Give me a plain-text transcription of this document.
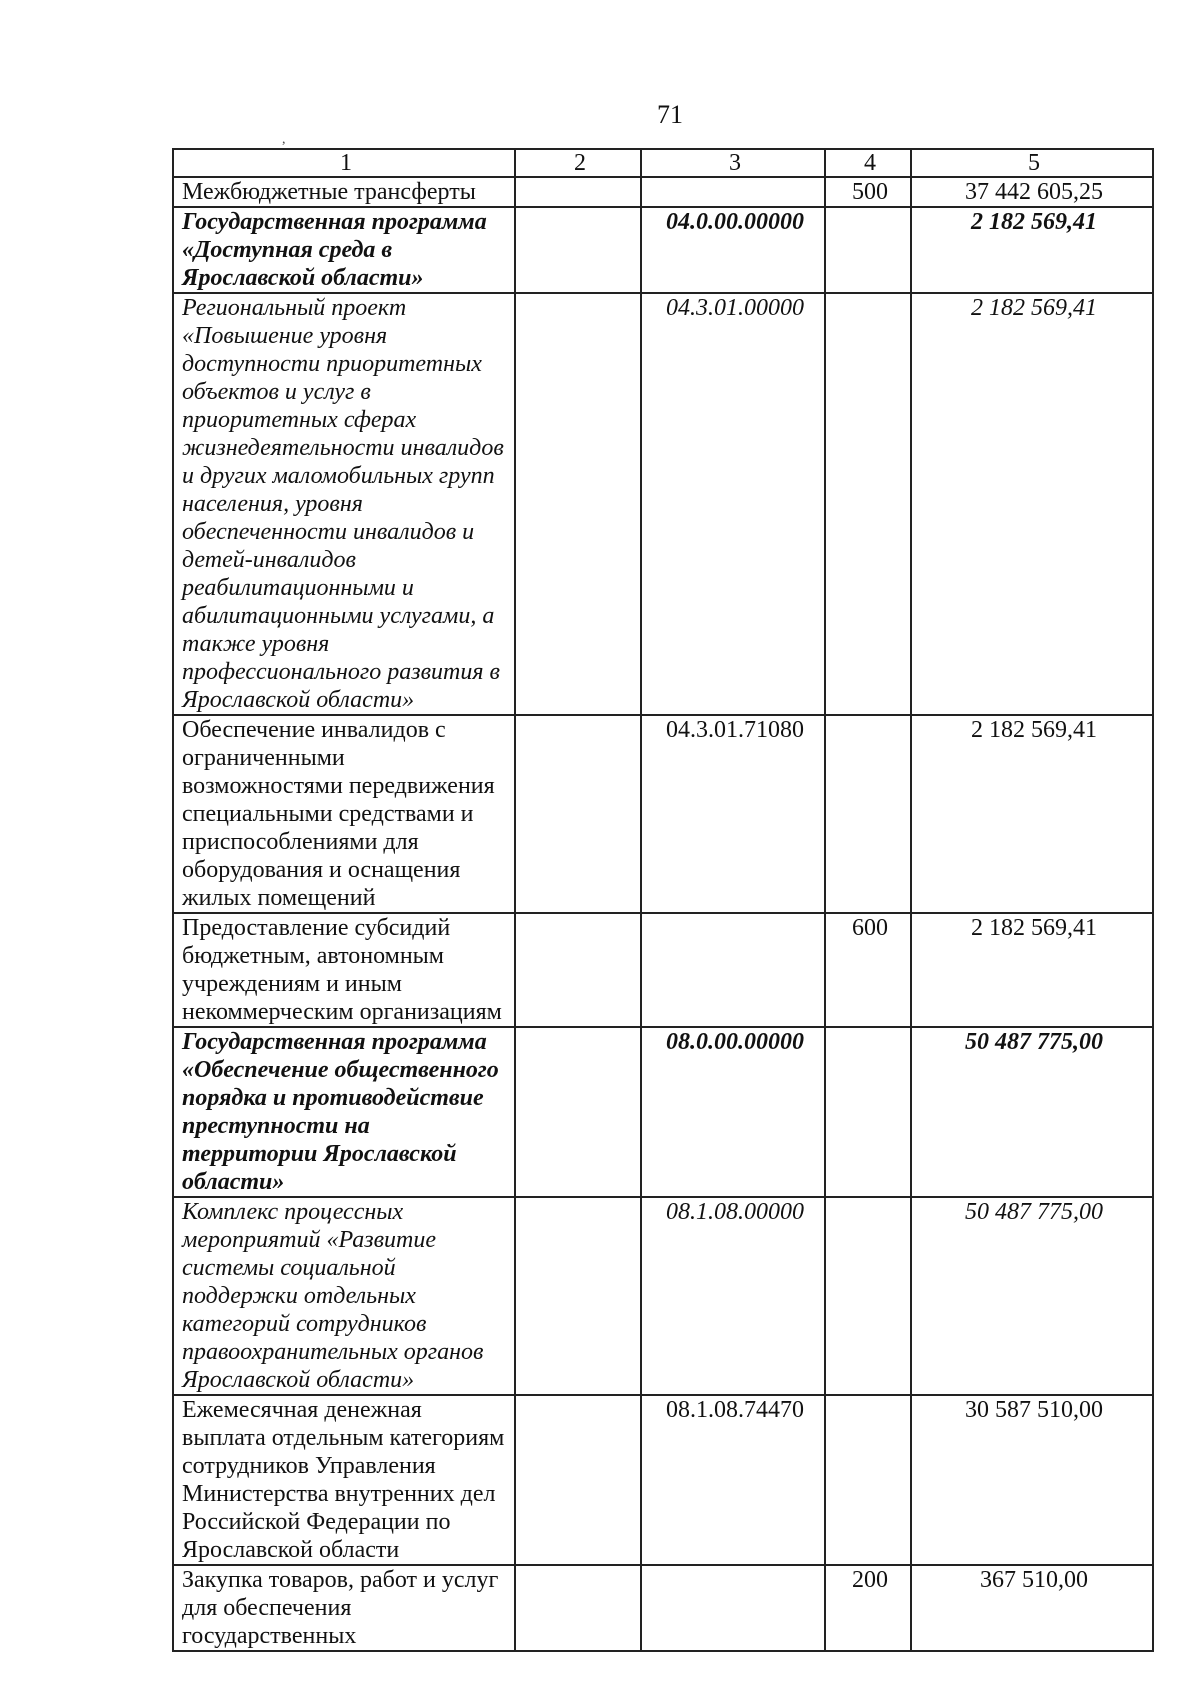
71
,
1	2	3	4	5
Межбюджетные трансферты			500	37 442 605,25
Государственная программа «Доступная среда в Ярославской области»		04.0.00.00000		2 182 569,41
Региональный проект «Повышение уровня доступности приоритетных объектов и услуг в приоритетных сферах жизнедеятельности инвалидов и других маломобильных групп населения, уровня обеспеченности инвалидов и детей-инвалидов реабилитационными и абилитационными услугами, а также уровня профессионального развития в Ярославской области»		04.3.01.00000		2 182 569,41
Обеспечение инвалидов с ограниченными возможностями передвижения специальными средствами и приспособлениями для оборудования и оснащения жилых помещений		04.3.01.71080		2 182 569,41
Предоставление субсидий бюджетным, автономным учреждениям и иным некоммерческим организациям			600	2 182 569,41
Государственная программа «Обеспечение общественного порядка и противодействие преступности на территории Ярославской области»		08.0.00.00000		50 487 775,00
Комплекс процессных мероприятий «Развитие системы социальной поддержки отдельных категорий сотрудников правоохранительных органов Ярославской области»		08.1.08.00000		50 487 775,00
Ежемесячная денежная выплата отдельным категориям сотрудников Управления Министерства внутренних дел Российской Федерации по Ярославской области		08.1.08.74470		30 587 510,00
Закупка товаров, работ и услуг для обеспечения государственных			200	367 510,00
